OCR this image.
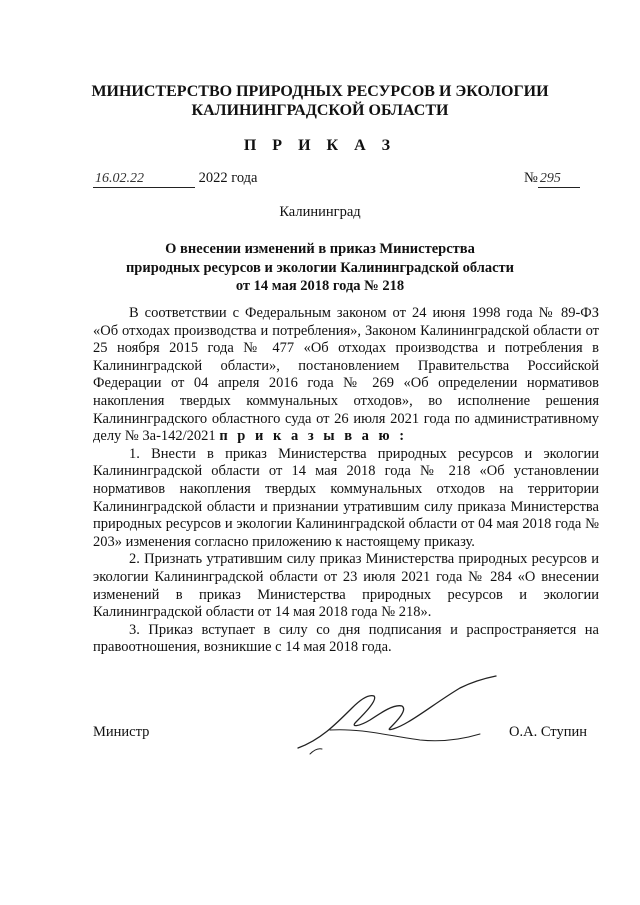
МИНИСТЕРСТВО ПРИРОДНЫХ РЕСУРСОВ И ЭКОЛОГИИ
КАЛИНИНГРАДСКОЙ ОБЛАСТИ
П Р И К А З
16.02.22	2022 года	№ 295
Калининград
О внесении изменений в приказ Министерства
природных ресурсов и экологии Калининградской области
от 14 мая 2018 года № 218

В соответствии с Федеральным законом от 24 июня 1998 года № 89-ФЗ «Об отходах производства и потребления», Законом Калининградской области от 25 ноября 2015 года № 477 «Об отходах производства и потребления в Калининградской области», постановлением Правительства Российской Федерации от 04 апреля 2016 года № 269 «Об определении нормативов накопления твердых коммунальных отходов», во исполнение решения Калининградского областного суда от 26 июля 2021 года по административному делу № 3а-142/2021 п р и к а з ы в а ю :

1. Внести в приказ Министерства природных ресурсов и экологии Калининградской области от 14 мая 2018 года № 218 «Об установлении нормативов накопления твердых коммунальных отходов на территории Калининградской области и признании утратившим силу приказа Министерства природных ресурсов и экологии Калининградской области от 04 мая 2018 года № 203» изменения согласно приложению к настоящему приказу.

2. Признать утратившим силу приказ Министерства природных ресурсов и экологии Калининградской области от 23 июля 2021 года № 284 «О внесении изменений в приказ Министерства природных ресурсов и экологии Калининградской области от 14 мая 2018 года № 218».

3. Приказ вступает в силу со дня подписания и распространяется на правоотношения, возникшие с 14 мая 2018 года.

Министр	О.А. Ступин
